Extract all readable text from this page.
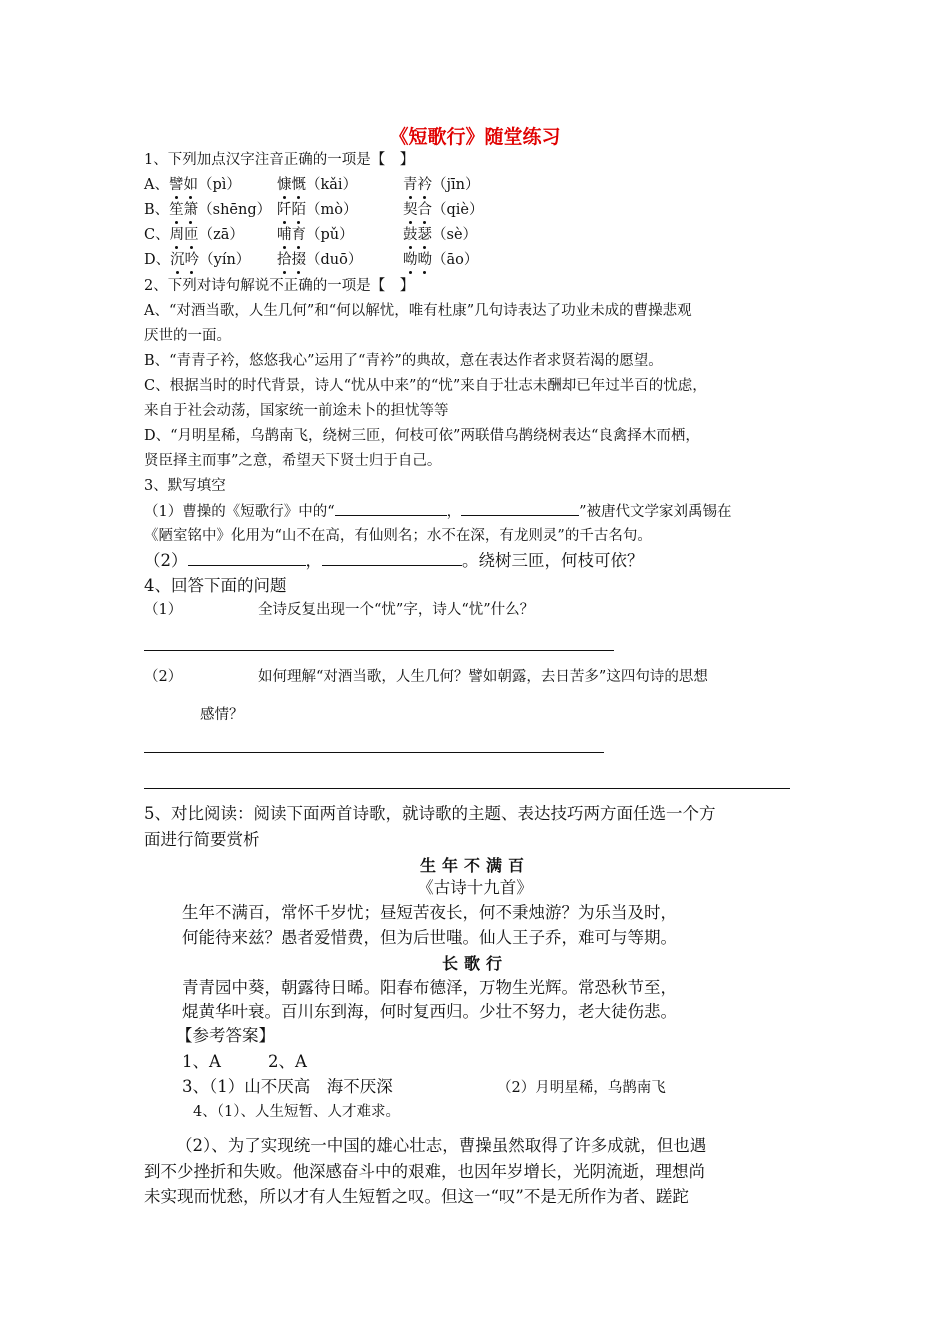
《短歌行》随堂练习
1、下列加点汉字注音正确的一项是【　】
A、譬如（pì） 慷慨（kǎi）	青衿（jīn）
B、笙箫（shēng） 阡陌（mò）	契合（qiè）
C、周匝（zā） 哺育（pǔ）	鼓瑟（sè）
D、沉吟（yín） 拾掇（duō）	呦呦（āo）
2、下列对诗句解说不正确的一项是【　】
A、“对酒当歌，人生几何”和“何以解忧，唯有杜康”几句诗表达了功业未成的曹操悲观
厌世的一面。
B、“青青子衿，悠悠我心”运用了“青衿”的典故，意在表达作者求贤若渴的愿望。
C、根据当时的时代背景，诗人“忧从中来”的“忧”来自于壮志未酬却已年过半百的忧虑，
来自于社会动荡，国家统一前途未卜的担忧等等
D、“月明星稀，乌鹊南飞，绕树三匝，何枝可依”两联借乌鹊绕树表达“良禽择木而栖，
贤臣择主而事”之意，希望天下贤士归于自己。
3、默写填空
（1）曹操的《短歌行》中的“	，	”被唐代文学家刘禹锡在
《陋室铭中》化用为“山不在高，有仙则名；水不在深，有龙则灵”的千古名句。
（2）	，	。绕树三匝，何枝可依？
4、回答下面的问题
（1）	全诗反复出现一个“忧”字，诗人“忧”什么？
（2）	如何理解“对酒当歌，人生几何？譬如朝露，去日苦多”这四句诗的思想
感情？
5、对比阅读：阅读下面两首诗歌，就诗歌的主题、表达技巧两方面任选一个方
面进行简要赏析
生年不满百
《古诗十九首》
生年不满百，常怀千岁忧；昼短苦夜长，何不秉烛游？为乐当及时，
何能待来兹？愚者爱惜费，但为后世嗤。仙人王子乔，难可与等期。
长歌行
青青园中葵，朝露待日晞。阳春布德泽，万物生光辉。常恐秋节至，
焜黄华叶衰。百川东到海，何时复西归。少壮不努力，老大徒伤悲。
【参考答案】
1、A	2、A
3、（1）山不厌高　海不厌深	（2）月明星稀，乌鹊南飞
4、（1）、人生短暂、人才难求。
（2）、为了实现统一中国的雄心壮志，曹操虽然取得了许多成就，但也遇
到不少挫折和失败。他深感奋斗中的艰难，也因年岁增长，光阴流逝，理想尚
未实现而忧愁，所以才有人生短暂之叹。但这一“叹”不是无所作为者、蹉跎
